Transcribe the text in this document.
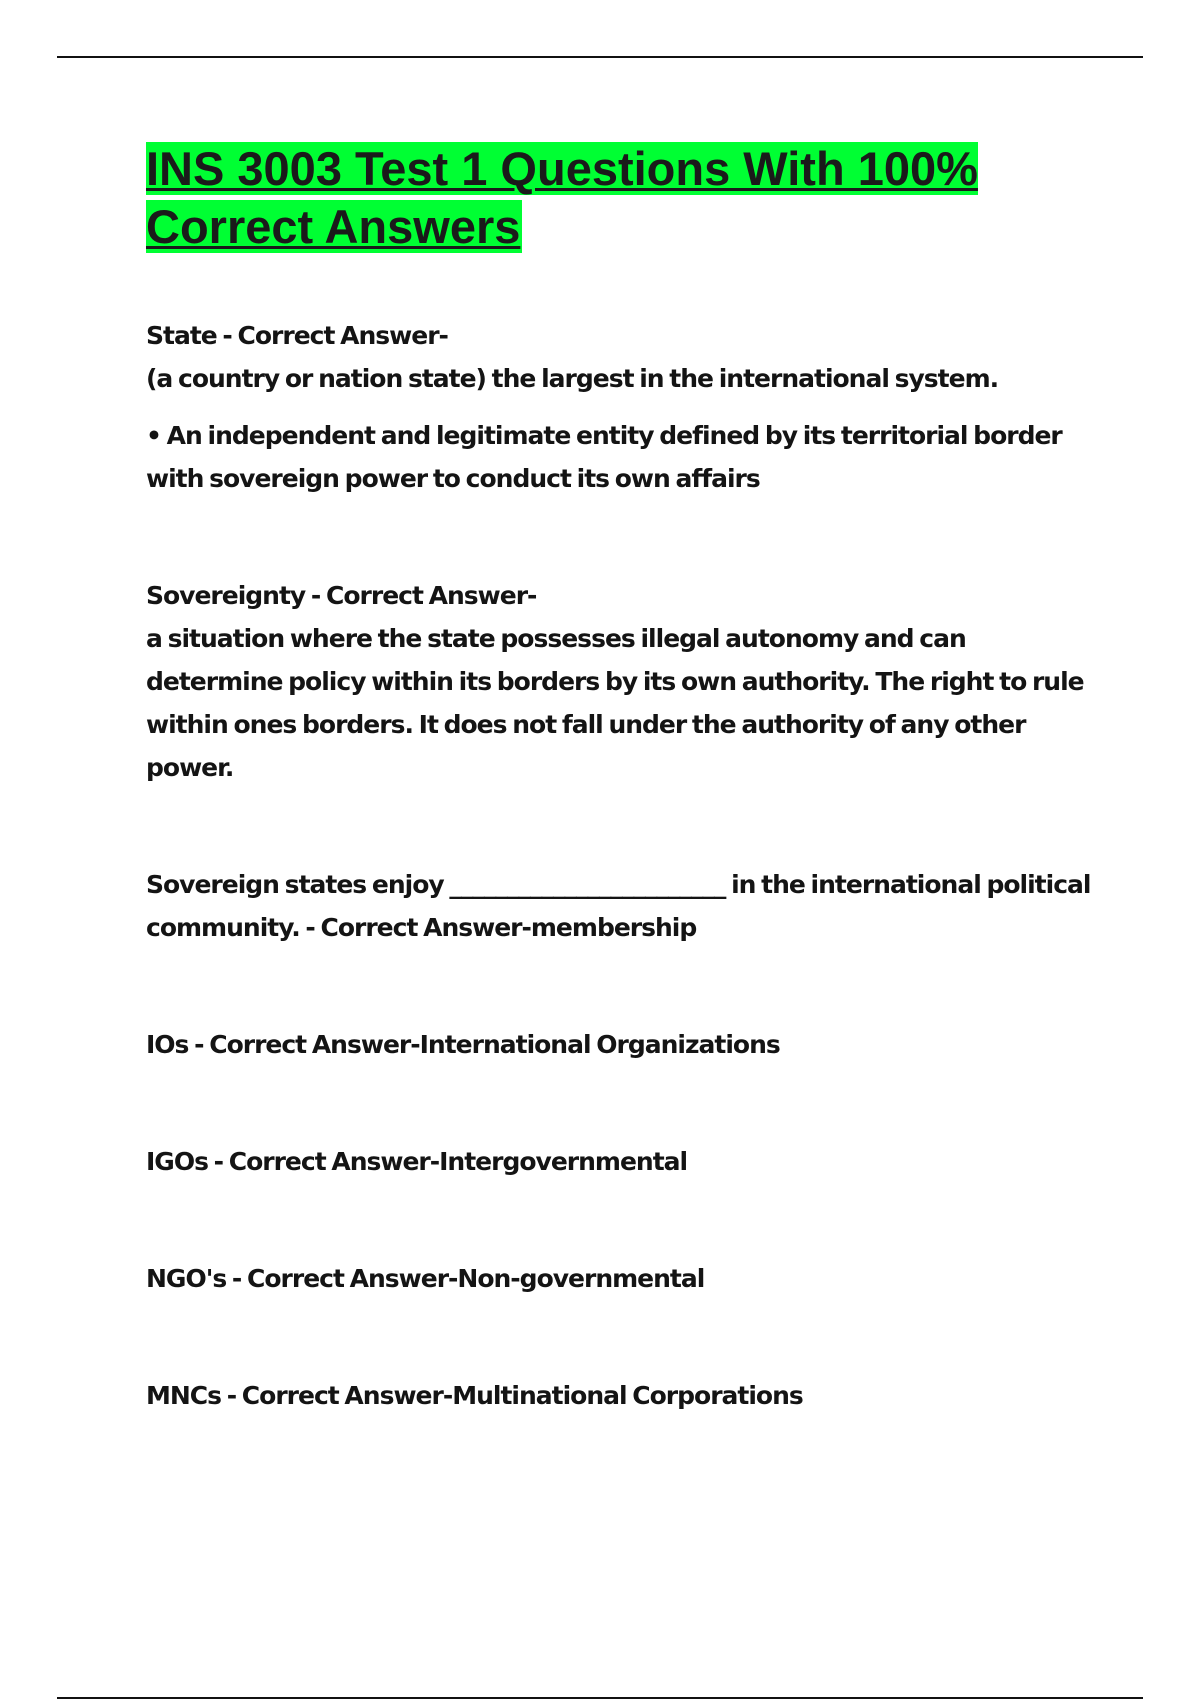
INS 3003 Test 1 Questions With 100% Correct Answers

State - Correct Answer-

(a country or nation state) the largest in the international system.

• An independent and legitimate entity defined by its territorial border with sovereign power to conduct its own affairs

Sovereignty - Correct Answer-

a situation where the state possesses illegal autonomy and can determine policy within its borders by its own authority. The right to rule within ones borders. It does not fall under the authority of any other power.

Sovereign states enjoy ________________________ in the international political community. - Correct Answer-membership

IOs - Correct Answer-International Organizations

IGOs - Correct Answer-Intergovernmental

NGO's - Correct Answer-Non-governmental

MNCs - Correct Answer-Multinational Corporations
